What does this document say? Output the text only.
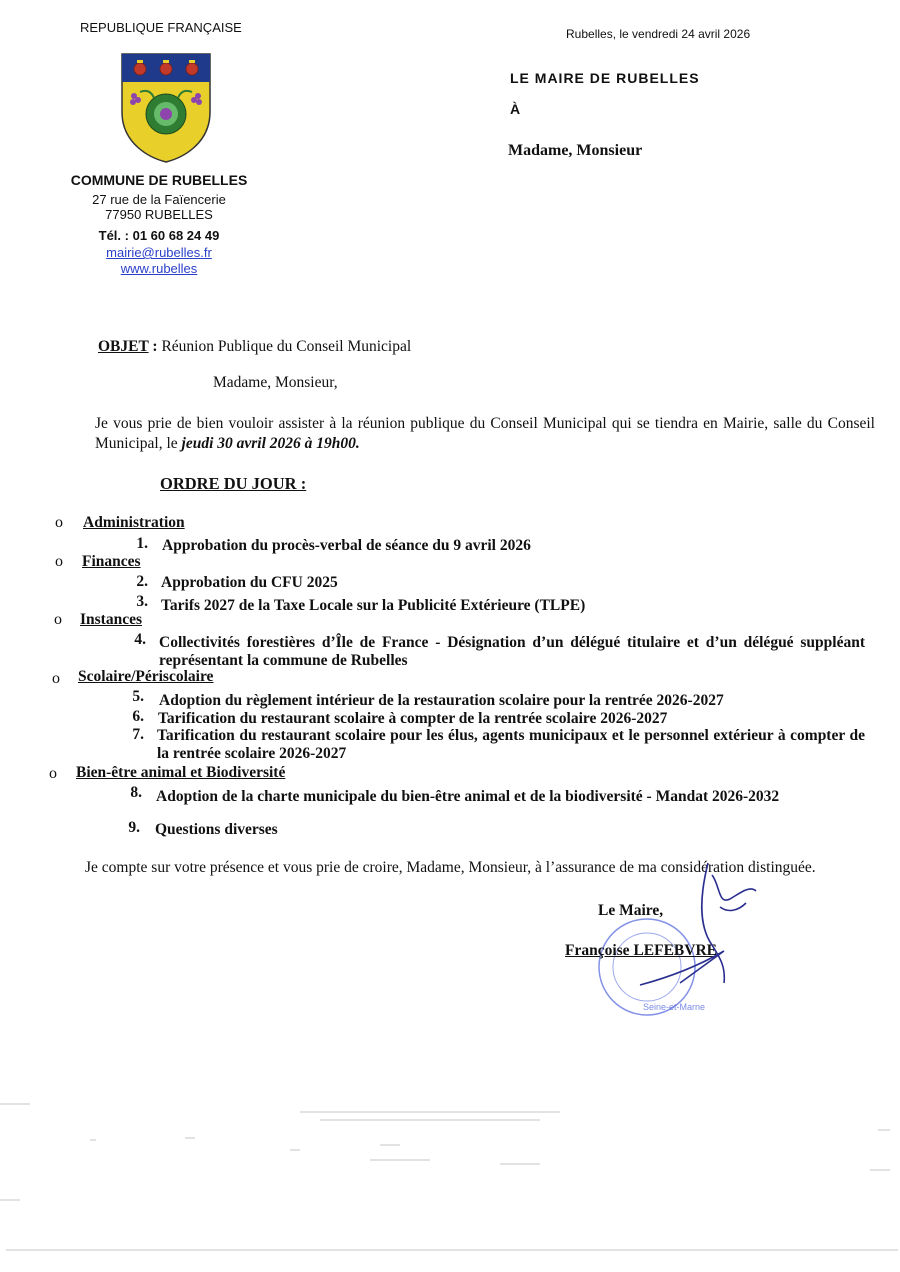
REPUBLIQUE FRANÇAISE
COMMUNE DE RUBELLES
27 rue de la Faïencerie
77950 RUBELLES
Tél. : 01 60 68 24 49
mairie@rubelles.fr
www.rubelles
Rubelles, le vendredi 24 avril 2026
LE MAIRE DE RUBELLES
À
Madame, Monsieur
OBJET : Réunion Publique du Conseil Municipal
Madame, Monsieur,
Je vous prie de bien vouloir assister à la réunion publique du Conseil Municipal qui se tiendra en Mairie, salle du Conseil Municipal, le jeudi 30 avril 2026 à 19h00.
ORDRE DU JOUR :
o Administration
1. Approbation du procès-verbal de séance du 9 avril 2026
o Finances
2. Approbation du CFU 2025
3. Tarifs 2027 de la Taxe Locale sur la Publicité Extérieure (TLPE)
o Instances
4. Collectivités forestières d’Île de France - Désignation d’un délégué titulaire et d’un délégué suppléant représentant la commune de Rubelles
o Scolaire/Périscolaire
5. Adoption du règlement intérieur de la restauration scolaire pour la rentrée 2026-2027
6. Tarification du restaurant scolaire à compter de la rentrée scolaire 2026-2027
7. Tarification du restaurant scolaire pour les élus, agents municipaux et le personnel extérieur à compter de la rentrée scolaire 2026-2027
o Bien-être animal et Biodiversité
8. Adoption de la charte municipale du bien-être animal et de la biodiversité - Mandat 2026-2032
9. Questions diverses
Je compte sur votre présence et vous prie de croire, Madame, Monsieur, à l’assurance de ma considération distinguée.
Seine-et-Marne
Le Maire,
Françoise LEFEBVRE
